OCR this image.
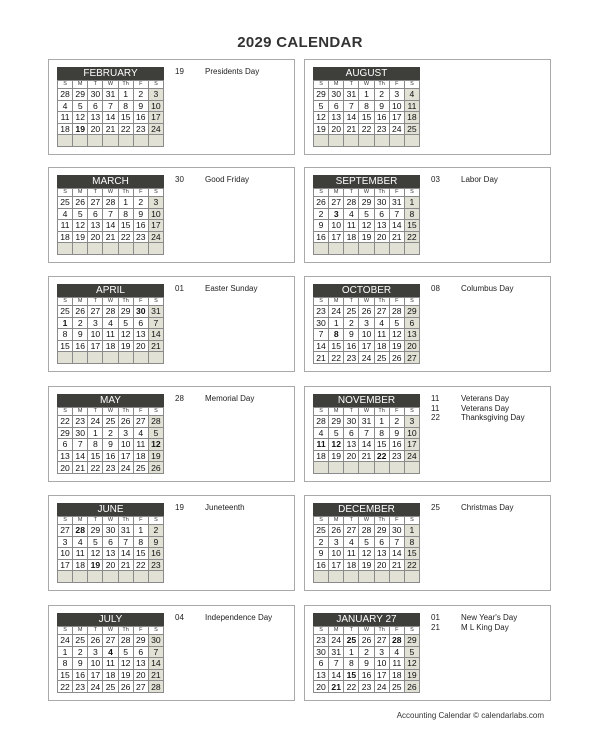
2029 CALENDAR
FEBRUARY
S	M	T	W	Th	F	S
28	29	30	31	1	2	3
4	5	6	7	8	9	10
11	12	13	14	15	16	17
18	19	20	21	22	23	24

19	Presidents Day	AUGUST
S	M	T	W	Th	F	S
29	30	31	1	2	3	4
5	6	7	8	9	10	11
12	13	14	15	16	17	18
19	20	21	22	23	24	25

MARCH
S	M	T	W	Th	F	S
25	26	27	28	1	2	3
4	5	6	7	8	9	10
11	12	13	14	15	16	17
18	19	20	21	22	23	24

30	Good Friday	SEPTEMBER
S	M	T	W	Th	F	S
26	27	28	29	30	31	1
2	3	4	5	6	7	8
9	10	11	12	13	14	15
16	17	18	19	20	21	22

03	Labor Day
APRIL
S	M	T	W	Th	F	S
25	26	27	28	29	30	31
1	2	3	4	5	6	7
8	9	10	11	12	13	14
15	16	17	18	19	20	21

01	Easter Sunday	OCTOBER
S	M	T	W	Th	F	S
23	24	25	26	27	28	29
30	1	2	3	4	5	6
7	8	9	10	11	12	13
14	15	16	17	18	19	20
21	22	23	24	25	26	27
08	Columbus Day
MAY
S	M	T	W	Th	F	S
22	23	24	25	26	27	28
29	30	1	2	3	4	5
6	7	8	9	10	11	12
13	14	15	16	17	18	19
20	21	22	23	24	25	26
28	Memorial Day	NOVEMBER
S	M	T	W	Th	F	S
28	29	30	31	1	2	3
4	5	6	7	8	9	10
11	12	13	14	15	16	17
18	19	20	21	22	23	24

11	Veterans Day
11	Veterans Day
22	Thanksgiving Day
JUNE
S	M	T	W	Th	F	S
27	28	29	30	31	1	2
3	4	5	6	7	8	9
10	11	12	13	14	15	16
17	18	19	20	21	22	23

19	Juneteenth	DECEMBER
S	M	T	W	Th	F	S
25	26	27	28	29	30	1
2	3	4	5	6	7	8
9	10	11	12	13	14	15
16	17	18	19	20	21	22

25	Christmas Day
JULY
S	M	T	W	Th	F	S
24	25	26	27	28	29	30
1	2	3	4	5	6	7
8	9	10	11	12	13	14
15	16	17	18	19	20	21
22	23	24	25	26	27	28
04	Independence Day	JANUARY 27
S	M	T	W	Th	F	S
23	24	25	26	27	28	29
30	31	1	2	3	4	5
6	7	8	9	10	11	12
13	14	15	16	17	18	19
20	21	22	23	24	25	26
01	New Year's Day
21	M L King Day
Accounting Calendar © calendarlabs.com
